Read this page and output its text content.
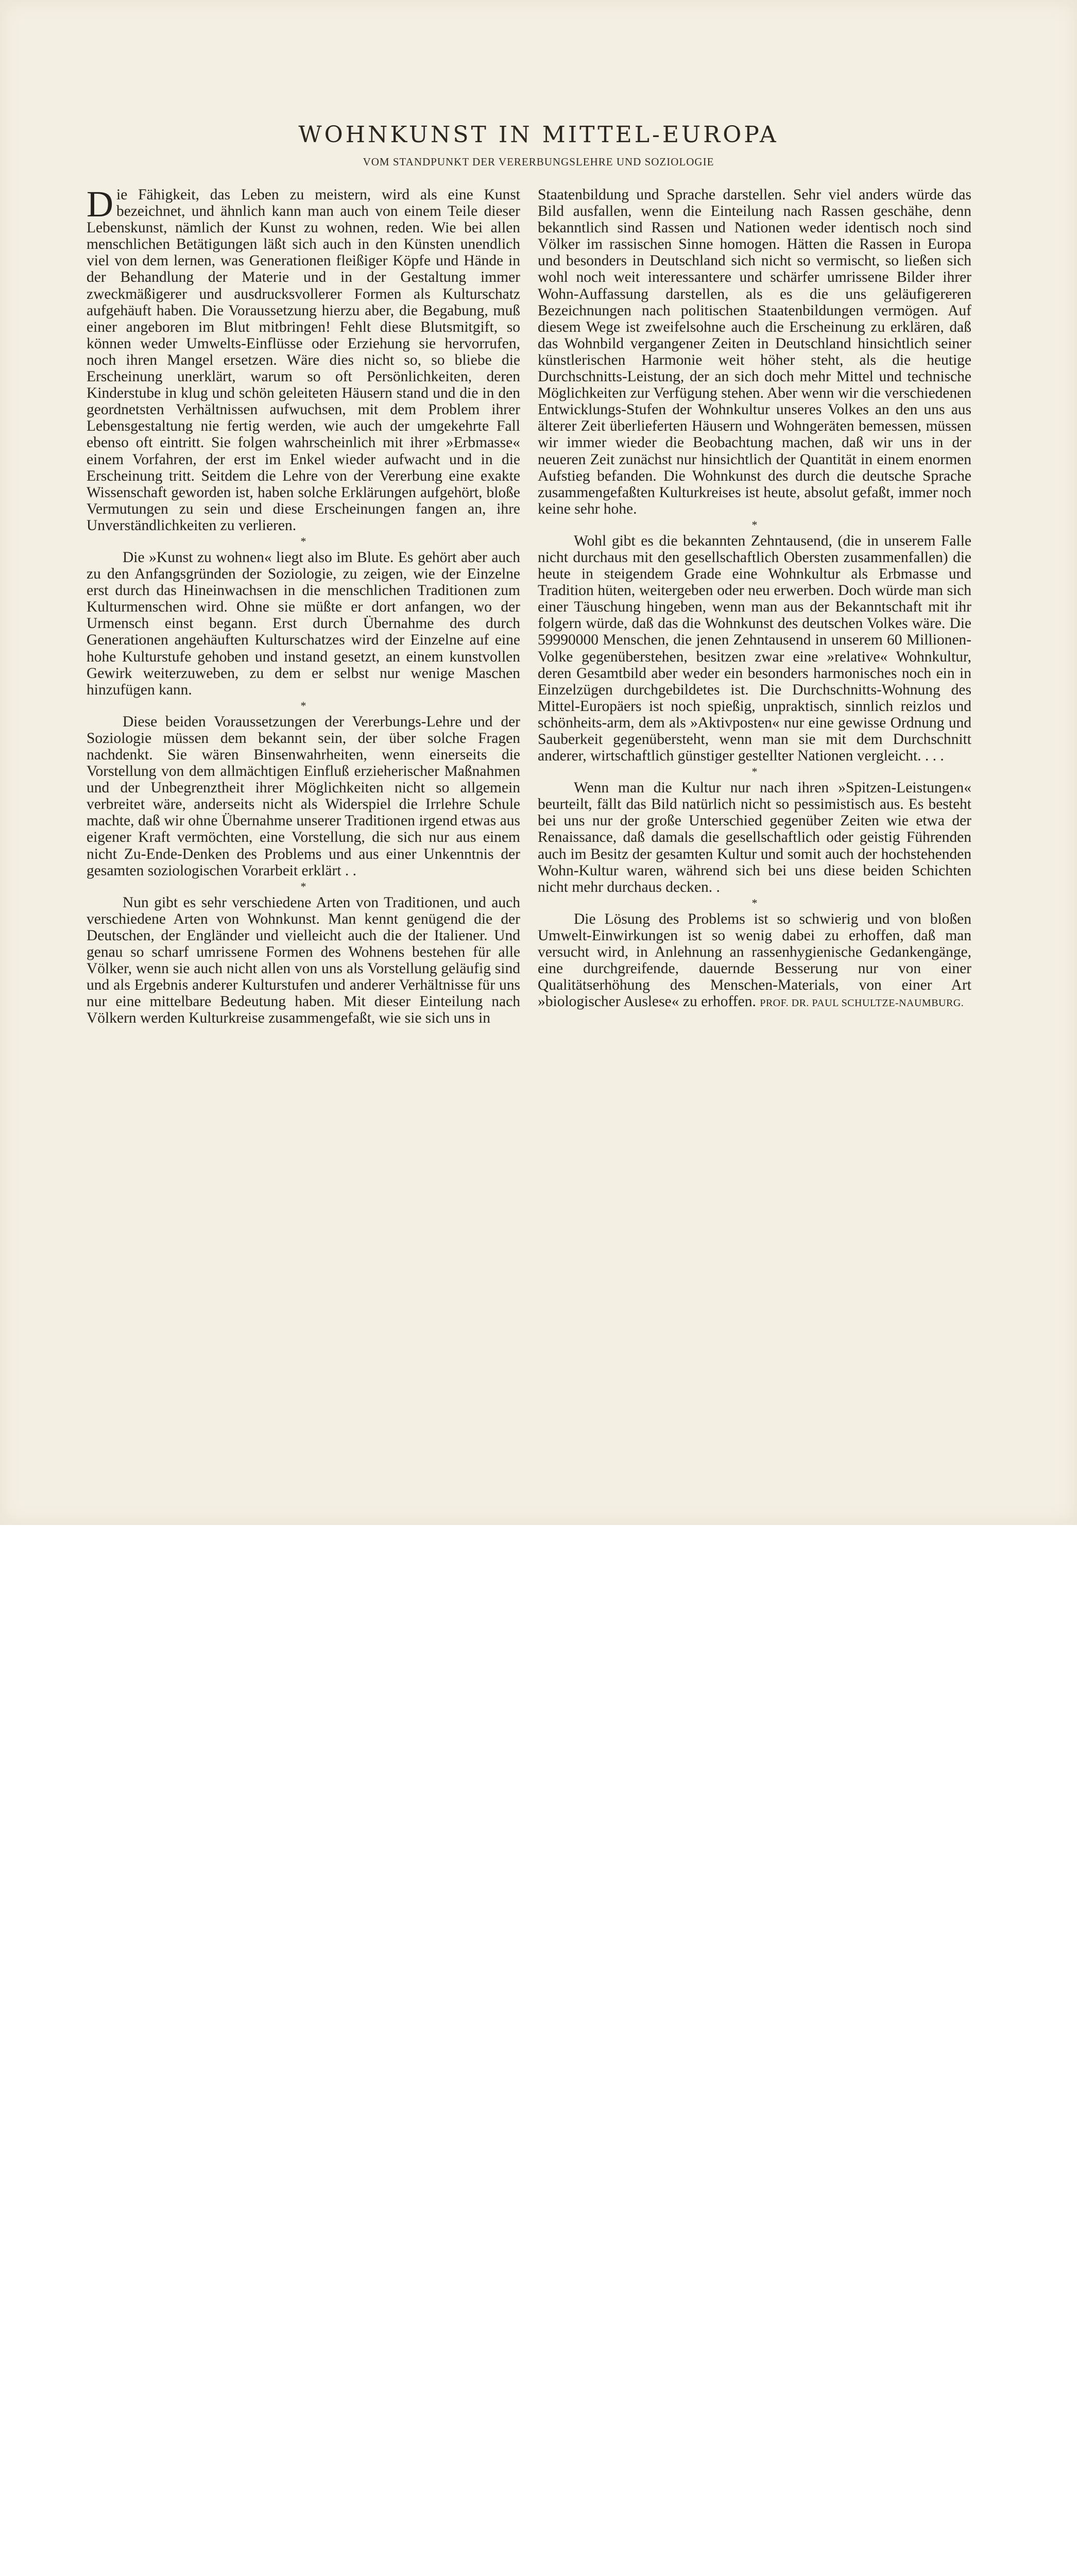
WOHNKUNST IN MITTEL-EUROPA
VOM STANDPUNKT DER VERERBUNGSLEHRE UND SOZIOLOGIE

Die Fähigkeit, das Leben zu meistern, wird als eine Kunst bezeichnet, und ähnlich kann man auch von einem Teile dieser Lebenskunst, nämlich der Kunst zu wohnen, reden. Wie bei allen menschlichen Betätigungen läßt sich auch in den Künsten unendlich viel von dem lernen, was Generationen fleißiger Köpfe und Hände in der Behandlung der Materie und in der Gestaltung immer zweckmäßigerer und ausdrucksvollerer Formen als Kulturschatz aufgehäuft haben. Die Voraussetzung hierzu aber, die Begabung, muß einer angeboren im Blut mitbringen! Fehlt diese Blutsmitgift, so können weder Umwelts-Einflüsse oder Erziehung sie hervorrufen, noch ihren Mangel ersetzen. Wäre dies nicht so, so bliebe die Erscheinung unerklärt, warum so oft Persönlichkeiten, deren Kinderstube in klug und schön geleiteten Häusern stand und die in den geordnetsten Verhältnissen aufwuchsen, mit dem Problem ihrer Lebensgestaltung nie fertig werden, wie auch der umgekehrte Fall ebenso oft eintritt. Sie folgen wahrscheinlich mit ihrer »Erbmasse« einem Vorfahren, der erst im Enkel wieder aufwacht und in die Erscheinung tritt. Seitdem die Lehre von der Vererbung eine exakte Wissenschaft geworden ist, haben solche Erklärungen aufgehört, bloße Vermutungen zu sein und diese Erscheinungen fangen an, ihre Unverständlichkeiten zu verlieren.

*

Die »Kunst zu wohnen« liegt also im Blute. Es gehört aber auch zu den Anfangsgründen der Soziologie, zu zeigen, wie der Einzelne erst durch das Hineinwachsen in die menschlichen Traditionen zum Kulturmenschen wird. Ohne sie müßte er dort anfangen, wo der Urmensch einst begann. Erst durch Übernahme des durch Generationen angehäuften Kulturschatzes wird der Einzelne auf eine hohe Kulturstufe gehoben und instand gesetzt, an einem kunstvollen Gewirk weiterzuweben, zu dem er selbst nur wenige Maschen hinzufügen kann.

*

Diese beiden Voraussetzungen der Vererbungs-Lehre und der Soziologie müssen dem bekannt sein, der über solche Fragen nachdenkt. Sie wären Binsenwahrheiten, wenn einerseits die Vorstellung von dem allmächtigen Einfluß erzieherischer Maßnahmen und der Unbegrenztheit ihrer Möglichkeiten nicht so allgemein verbreitet wäre, anderseits nicht als Widerspiel die Irrlehre Schule machte, daß wir ohne Übernahme unserer Traditionen irgend etwas aus eigener Kraft vermöchten, eine Vorstellung, die sich nur aus einem nicht Zu-Ende-Denken des Problems und aus einer Unkenntnis der gesamten soziologischen Vorarbeit erklärt . .

*

Nun gibt es sehr verschiedene Arten von Traditionen, und auch verschiedene Arten von Wohnkunst. Man kennt genügend die der Deutschen, der Engländer und vielleicht auch die der Italiener. Und genau so scharf umrissene Formen des Wohnens bestehen für alle Völker, wenn sie auch nicht allen von uns als Vorstellung geläufig sind und als Ergebnis anderer Kulturstufen und anderer Verhältnisse für uns nur eine mittelbare Bedeutung haben. Mit dieser Einteilung nach Völkern werden Kulturkreise zusammengefaßt, wie sie sich uns in

Staatenbildung und Sprache darstellen. Sehr viel anders würde das Bild ausfallen, wenn die Einteilung nach Rassen geschähe, denn bekanntlich sind Rassen und Nationen weder identisch noch sind Völker im rassischen Sinne homogen. Hätten die Rassen in Europa und besonders in Deutschland sich nicht so vermischt, so ließen sich wohl noch weit interessantere und schärfer umrissene Bilder ihrer Wohn-Auffassung darstellen, als es die uns geläufigereren Bezeichnungen nach politischen Staatenbildungen vermögen. Auf diesem Wege ist zweifelsohne auch die Erscheinung zu erklären, daß das Wohnbild vergangener Zeiten in Deutschland hinsichtlich seiner künstlerischen Harmonie weit höher steht, als die heutige Durchschnitts-Leistung, der an sich doch mehr Mittel und technische Möglichkeiten zur Verfügung stehen. Aber wenn wir die verschiedenen Entwicklungs-Stufen der Wohnkultur unseres Volkes an den uns aus älterer Zeit überlieferten Häusern und Wohngeräten bemessen, müssen wir immer wieder die Beobachtung machen, daß wir uns in der neueren Zeit zunächst nur hinsichtlich der Quantität in einem enormen Aufstieg befanden. Die Wohnkunst des durch die deutsche Sprache zusammengefaßten Kulturkreises ist heute, absolut gefaßt, immer noch keine sehr hohe.

*

Wohl gibt es die bekannten Zehntausend, (die in unserem Falle nicht durchaus mit den gesellschaftlich Obersten zusammenfallen) die heute in steigendem Grade eine Wohnkultur als Erbmasse und Tradition hüten, weitergeben oder neu erwerben. Doch würde man sich einer Täuschung hingeben, wenn man aus der Bekanntschaft mit ihr folgern würde, daß das die Wohnkunst des deutschen Volkes wäre. Die 59990000 Menschen, die jenen Zehntausend in unserem 60 Millionen-Volke gegenüberstehen, besitzen zwar eine »relative« Wohnkultur, deren Gesamtbild aber weder ein besonders harmonisches noch ein in Einzelzügen durchgebildetes ist. Die Durchschnitts-Wohnung des Mittel-Europäers ist noch spießig, unpraktisch, sinnlich reizlos und schönheits-arm, dem als »Aktivposten« nur eine gewisse Ordnung und Sauberkeit gegenübersteht, wenn man sie mit dem Durchschnitt anderer, wirtschaftlich günstiger gestellter Nationen vergleicht. . . .

*

Wenn man die Kultur nur nach ihren »Spitzen-Leistungen« beurteilt, fällt das Bild natürlich nicht so pessimistisch aus. Es besteht bei uns nur der große Unterschied gegenüber Zeiten wie etwa der Renaissance, daß damals die gesellschaftlich oder geistig Führenden auch im Besitz der gesamten Kultur und somit auch der hochstehenden Wohn-Kultur waren, während sich bei uns diese beiden Schichten nicht mehr durchaus decken. .

*

Die Lösung des Problems ist so schwierig und von bloßen Umwelt-Einwirkungen ist so wenig dabei zu erhoffen, daß man versucht wird, in Anlehnung an rassenhygienische Gedankengänge, eine durchgreifende, dauernde Besserung nur von einer Qualitätserhöhung des Menschen-Materials, von einer Art »biologischer Auslese« zu erhoffen. PROF. DR. PAUL SCHULTZE-NAUMBURG.
